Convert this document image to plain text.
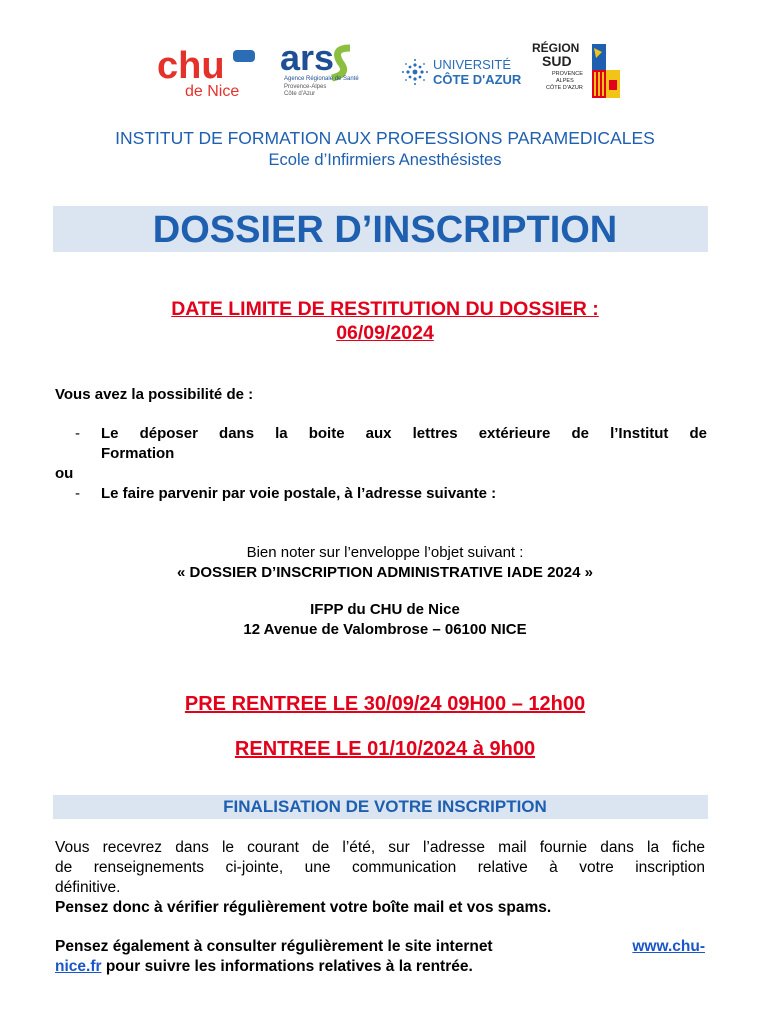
chu
de Nice
ars
Agence Régionale de Santé
Provence-Alpes
Côte d'Azur
UNIVERSITÉ
CÔTE D'AZUR
RÉGION
SUD
PROVENCE
ALPES
CÔTE D'AZUR
INSTITUT DE FORMATION AUX PROFESSIONS PARAMEDICALES
Ecole d’Infirmiers Anesthésistes
DOSSIER D’INSCRIPTION
DATE LIMITE DE RESTITUTION DU DOSSIER :
06/09/2024
Vous avez la possibilité de :
- Le déposer dans la boite aux lettres extérieure de l’Institut de
Formation
ou
- Le faire parvenir par voie postale, à l’adresse suivante :
Bien noter sur l’enveloppe l’objet suivant :
« DOSSIER D’INSCRIPTION ADMINISTRATIVE IADE 2024 »
IFPP du CHU de Nice
12 Avenue de Valombrose – 06100 NICE
PRE RENTREE LE 30/09/24 09H00 – 12h00
RENTREE LE 01/10/2024 à 9h00
FINALISATION DE VOTRE INSCRIPTION
Vous recevrez dans le courant de l’été, sur l’adresse mail fournie dans la fiche
de renseignements ci-jointe, une communication relative à votre inscription
définitive.
Pensez donc à vérifier régulièrement votre boîte mail et vos spams.
Pensez également à consulter régulièrement le site internet	www.chu-
nice.fr pour suivre les informations relatives à la rentrée.
